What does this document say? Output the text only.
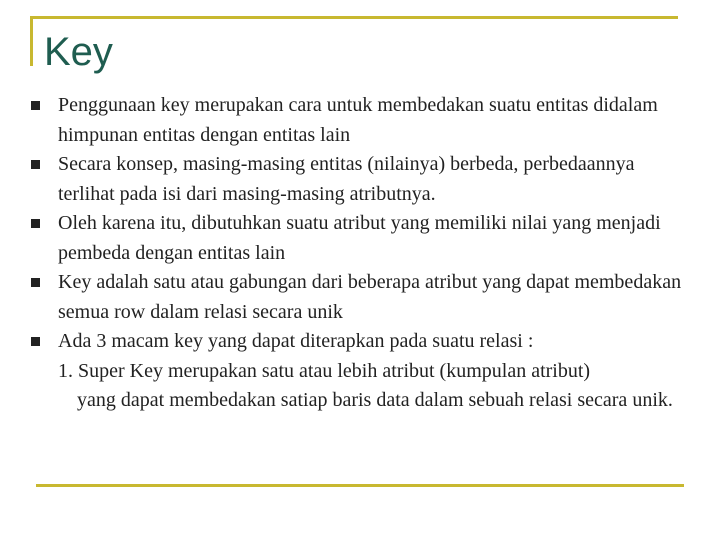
Key
Penggunaan key merupakan cara untuk membedakan suatu entitas didalam himpunan entitas dengan entitas lain
Secara konsep, masing-masing entitas (nilainya) berbeda, perbedaannya terlihat pada isi dari masing-masing atributnya.
Oleh karena itu, dibutuhkan suatu atribut yang memiliki nilai yang menjadi pembeda dengan entitas lain
Key adalah satu atau gabungan dari beberapa atribut yang dapat membedakan semua row dalam relasi secara unik
Ada 3 macam key yang dapat diterapkan pada suatu relasi :
1. Super Key merupakan satu atau lebih atribut (kumpulan atribut)
yang dapat membedakan satiap baris data dalam sebuah relasi secara unik.
